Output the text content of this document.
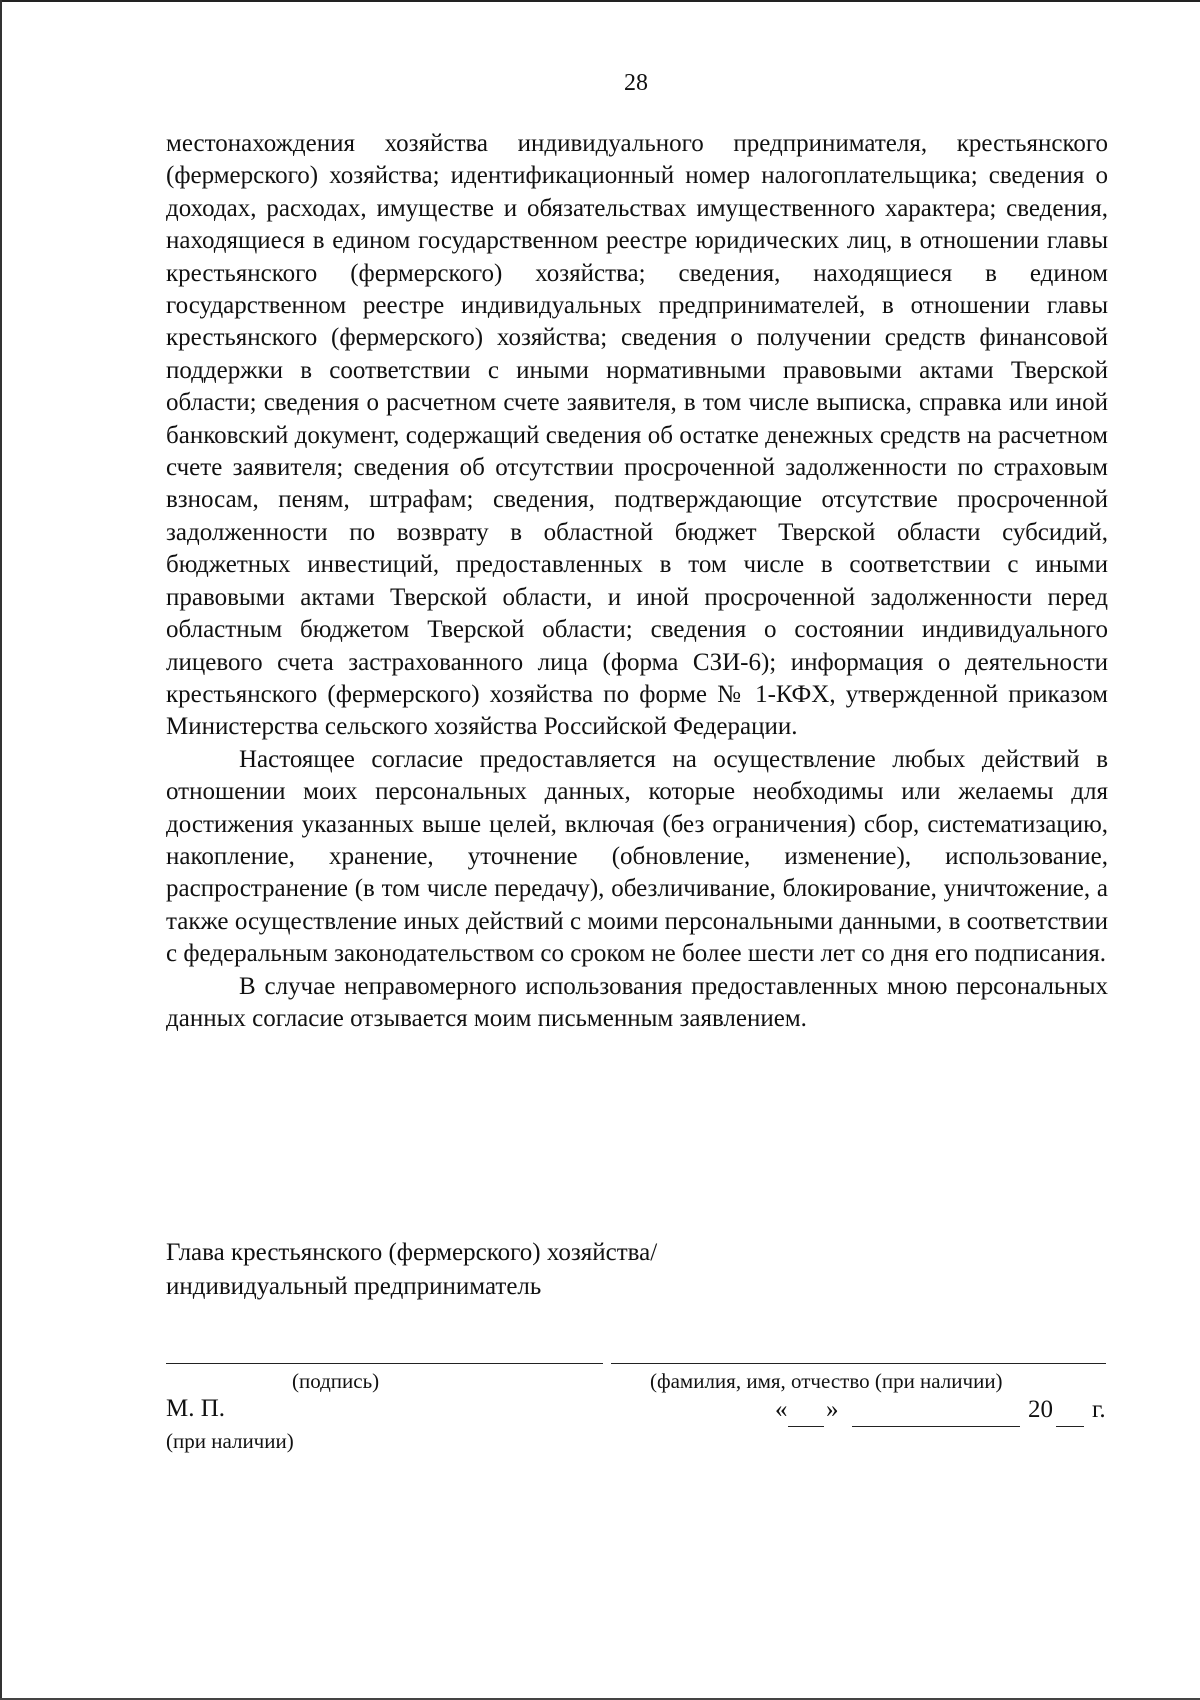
28

местонахождения хозяйства индивидуального предпринимателя, крестьянского (фермерского) хозяйства; идентификационный номер налогоплательщика; сведения о доходах, расходах, имуществе и обязательствах имущественного характера; сведения, находящиеся в едином государственном реестре юридических лиц, в отношении главы крестьянского (фермерского) хозяйства; сведения, находящиеся в едином государственном реестре индивидуальных предпринимателей, в отношении главы крестьянского (фермерского) хозяйства; сведения о получении средств финансовой поддержки в соответствии с иными нормативными правовыми актами Тверской области; сведения о расчетном счете заявителя, в том числе выписка, справка или иной банковский документ, содержащий сведения об остатке денежных средств на расчетном счете заявителя; сведения об отсутствии просроченной задолженности по страховым взносам, пеням, штрафам; сведения, подтверждающие отсутствие просроченной задолженности по возврату в областной бюджет Тверской области субсидий, бюджетных инвестиций, предоставленных в том числе в соответствии с иными правовыми актами Тверской области, и иной просроченной задолженности перед областным бюджетом Тверской области; сведения о состоянии индивидуального лицевого счета застрахованного лица (форма СЗИ-6); информация о деятельности крестьянского (фермерского) хозяйства по форме № 1-КФХ, утвержденной приказом Министерства сельского хозяйства Российской Федерации.

Настоящее согласие предоставляется на осуществление любых действий в отношении моих персональных данных, которые необходимы или желаемы для достижения указанных выше целей, включая (без ограничения) сбор, систематизацию, накопление, хранение, уточнение (обновление, изменение), использование, распространение (в том числе передачу), обезличивание, блокирование, уничтожение, а также осуществление иных действий с моими персональными данными, в соответствии с федеральным законодательством со сроком не более шести лет со дня его подписания.

В случае неправомерного использования предоставленных мною персональных данных согласие отзывается моим письменным заявлением.

Глава крестьянского (фермерского) хозяйства/
индивидуальный предприниматель
(подпись)	(фамилия, имя, отчество (при наличии)
М. П.
(при наличии)
« »	20 г.
